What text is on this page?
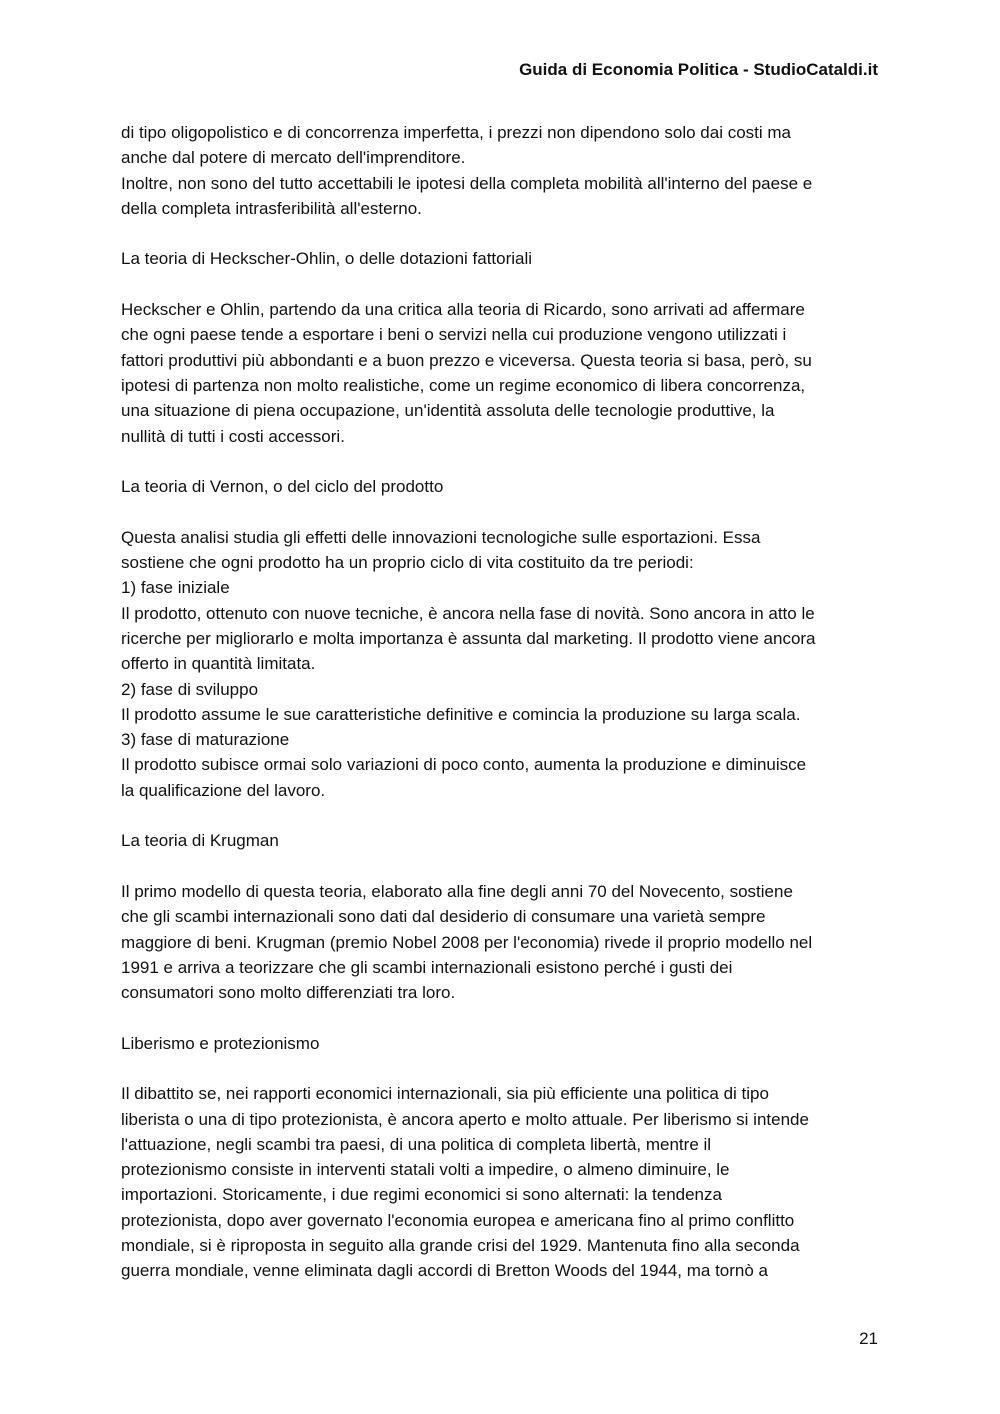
Guida di Economia Politica - StudioCataldi.it

di tipo oligopolistico e di concorrenza imperfetta, i prezzi non dipendono solo dai costi ma
anche dal potere di mercato dell'imprenditore.
Inoltre, non sono del tutto accettabili le ipotesi della completa mobilità all'interno del paese e
della completa intrasferibilità all'esterno.

La teoria di Heckscher-Ohlin, o delle dotazioni fattoriali

Heckscher e Ohlin, partendo da una critica alla teoria di Ricardo, sono arrivati ad affermare
che ogni paese tende a esportare i beni o servizi nella cui produzione vengono utilizzati i
fattori produttivi più abbondanti e a buon prezzo e viceversa. Questa teoria si basa, però, su
ipotesi di partenza non molto realistiche, come un regime economico di libera concorrenza,
una situazione di piena occupazione, un'identità assoluta delle tecnologie produttive, la
nullità di tutti i costi accessori.

La teoria di Vernon, o del ciclo del prodotto

Questa analisi studia gli effetti delle innovazioni tecnologiche sulle esportazioni. Essa
sostiene che ogni prodotto ha un proprio ciclo di vita costituito da tre periodi:
1) fase iniziale
Il prodotto, ottenuto con nuove tecniche, è ancora nella fase di novità. Sono ancora in atto le
ricerche per migliorarlo e molta importanza è assunta dal marketing. Il prodotto viene ancora
offerto in quantità limitata.
2) fase di sviluppo
Il prodotto assume le sue caratteristiche definitive e comincia la produzione su larga scala.
3) fase di maturazione
Il prodotto subisce ormai solo variazioni di poco conto, aumenta la produzione e diminuisce
la qualificazione del lavoro.

La teoria di Krugman

Il primo modello di questa teoria, elaborato alla fine degli anni 70 del Novecento, sostiene
che gli scambi internazionali sono dati dal desiderio di consumare una varietà sempre
maggiore di beni. Krugman (premio Nobel 2008 per l'economia) rivede il proprio modello nel
1991 e arriva a teorizzare che gli scambi internazionali esistono perché i gusti dei
consumatori sono molto differenziati tra loro.

Liberismo e protezionismo

Il dibattito se, nei rapporti economici internazionali, sia più efficiente una politica di tipo
liberista o una di tipo protezionista, è ancora aperto e molto attuale. Per liberismo si intende
l'attuazione, negli scambi tra paesi, di una politica di completa libertà, mentre il
protezionismo consiste in interventi statali volti a impedire, o almeno diminuire, le
importazioni. Storicamente, i due regimi economici si sono alternati: la tendenza
protezionista, dopo aver governato l'economia europea e americana fino al primo conflitto
mondiale, si è riproposta in seguito alla grande crisi del 1929. Mantenuta fino alla seconda
guerra mondiale, venne eliminata dagli accordi di Bretton Woods del 1944, ma tornò a

21
